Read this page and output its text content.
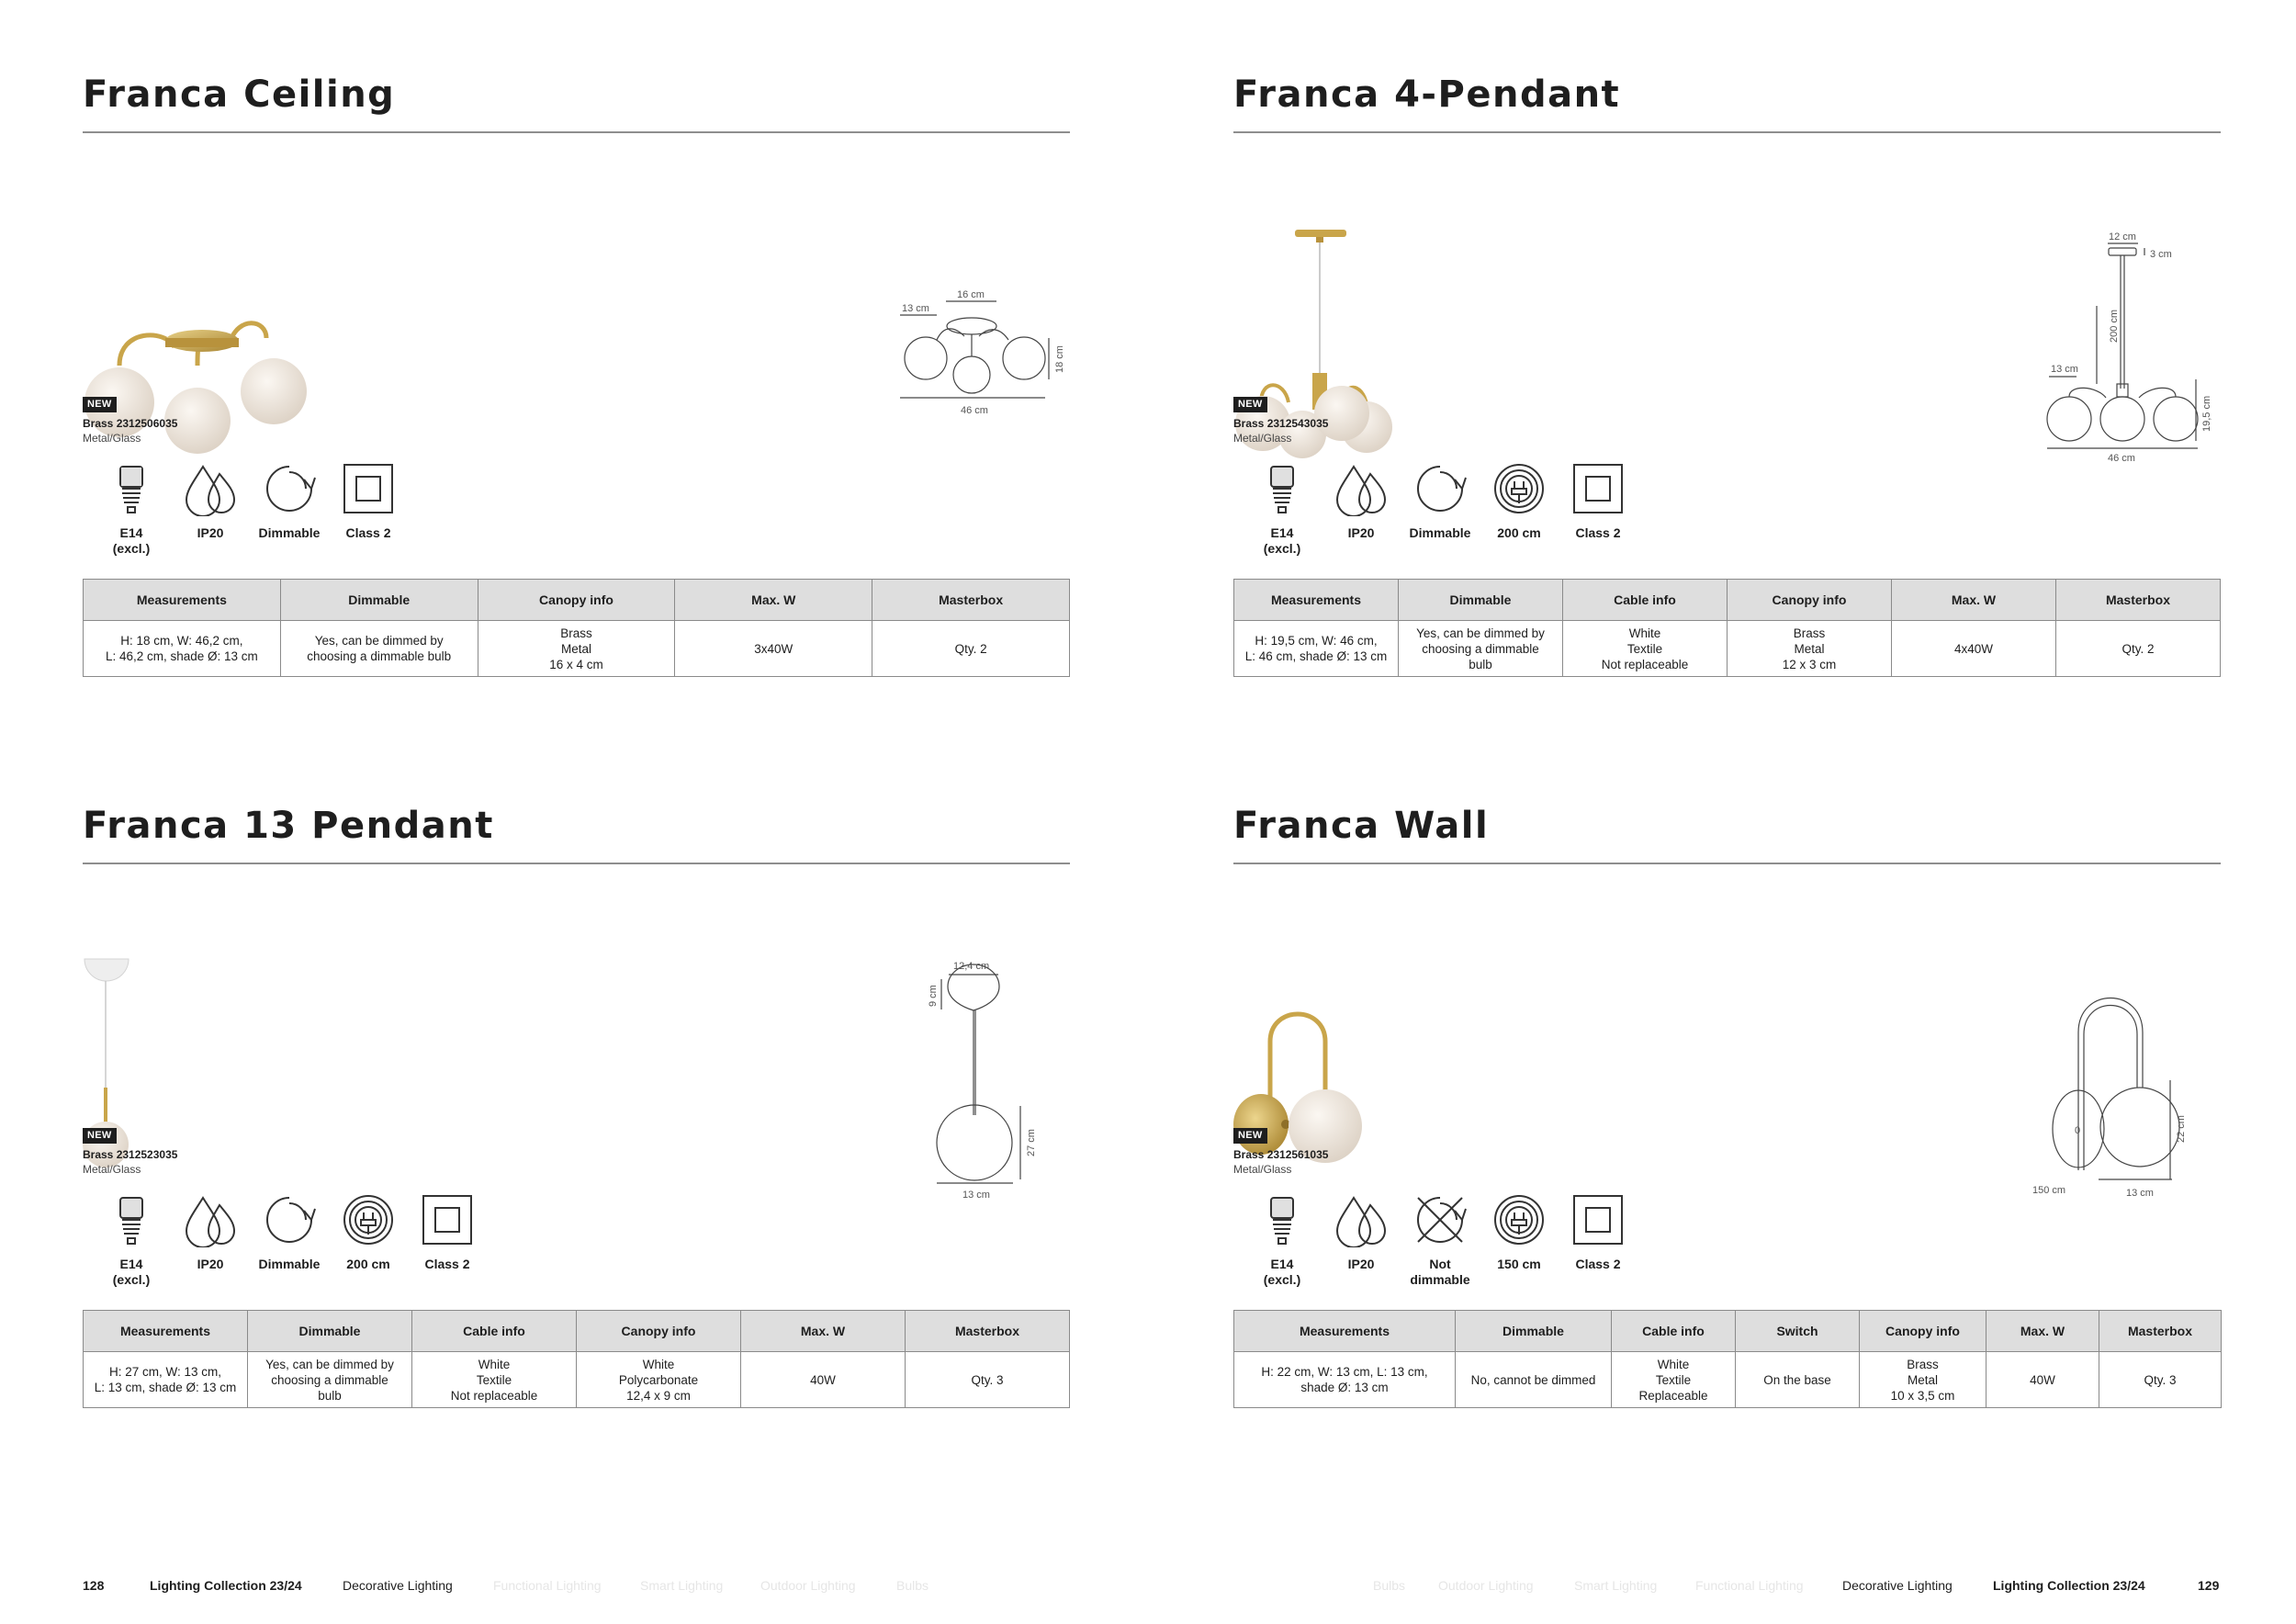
Franca Ceiling
13 cm
16 cm
18 cm
46 cm
NEW
Brass 2312506035
Metal/Glass
E14
(excl.)
IP20	Dimmable	Class 2
Measurements	Dimmable	Canopy info	Max. W	Masterbox
H: 18 cm, W: 46,2 cm,
L: 46,2 cm, shade Ø: 13 cm	Yes, can be dimmed by
choosing a dimmable bulb	Brass
Metal
16 x 4 cm	3x40W	Qty. 2
Franca 4-Pendant
12 cm
3 cm
200 cm
13 cm
19,5 cm
46 cm
NEW
Brass 2312543035
Metal/Glass
E14
(excl.)
IP20	Dimmable	200 cm	Class 2
Measurements	Dimmable	Cable info	Canopy info	Max. W	Masterbox
H: 19,5 cm, W: 46 cm,
L: 46 cm, shade Ø: 13 cm	Yes, can be dimmed by
choosing a dimmable
bulb	White
Textile
Not replaceable	Brass
Metal
12 x 3 cm	4x40W	Qty. 2
Franca 13 Pendant
12,4 cm
9 cm
27 cm
13 cm
NEW
Brass 2312523035
Metal/Glass
E14
(excl.)
IP20	Dimmable	200 cm	Class 2
Measurements	Dimmable	Cable info	Canopy info	Max. W	Masterbox
H: 27 cm, W: 13 cm,
L: 13 cm, shade Ø: 13 cm	Yes, can be dimmed by
choosing a dimmable
bulb	White
Textile
Not replaceable	White
Polycarbonate
12,4 x 9 cm	40W	Qty. 3
Franca Wall
0	22 cm
150 cm	13 cm
NEW
Brass 2312561035
Metal/Glass
E14
(excl.)
IP20	Not
dimmable
150 cm	Class 2
Measurements	Dimmable	Cable info	Switch	Canopy info	Max. W	Masterbox
H: 22 cm, W: 13 cm, L: 13 cm,
shade Ø: 13 cm	No, cannot be dimmed	White
Textile
Replaceable	On the base	Brass
Metal
10 x 3,5 cm	40W	Qty. 3
128	Lighting Collection 23/24	Decorative Lighting	Functional Lighting	Smart Lighting	Outdoor Lighting	Bulbs	Bulbs	Outdoor Lighting	Smart Lighting	Functional Lighting	Decorative Lighting	Lighting Collection 23/24	129
